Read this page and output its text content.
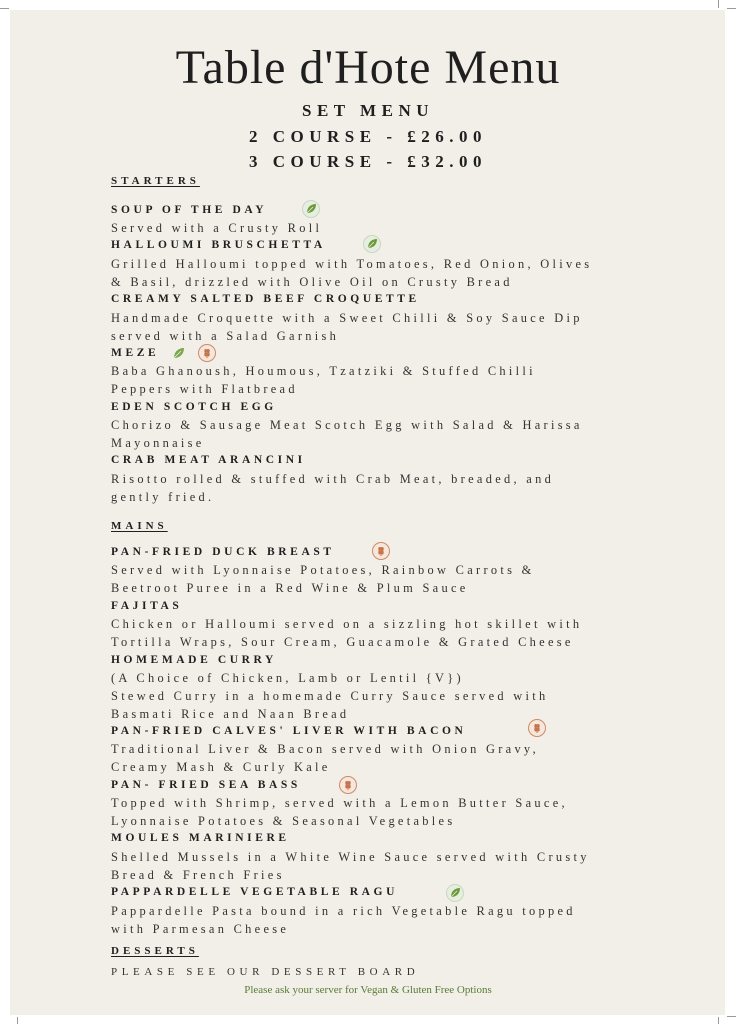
Table d'Hote Menu
SET MENU
2 COURSE - £26.00
3 COURSE - £32.00
STARTERS
SOUP OF THE DAY
Served with a Crusty Roll
HALLOUMI BRUSCHETTA
Grilled Halloumi topped with Tomatoes, Red Onion, Olives
& Basil, drizzled with Olive Oil on Crusty Bread
CREAMY SALTED BEEF CROQUETTE
Handmade Croquette with a Sweet Chilli & Soy Sauce Dip
served with a Salad Garnish
MEZE
Baba Ghanoush, Houmous, Tzatziki & Stuffed Chilli
Peppers with Flatbread
EDEN SCOTCH EGG
Chorizo & Sausage Meat Scotch Egg with Salad & Harissa
Mayonnaise
CRAB MEAT ARANCINI
Risotto rolled & stuffed with Crab Meat, breaded, and
gently fried.
MAINS
PAN-FRIED DUCK BREAST
Served with Lyonnaise Potatoes, Rainbow Carrots &
Beetroot Puree in a Red Wine & Plum Sauce
FAJITAS
Chicken or Halloumi served on a sizzling hot skillet with
Tortilla Wraps, Sour Cream, Guacamole & Grated Cheese
HOMEMADE CURRY
(A Choice of Chicken, Lamb or Lentil {V})
Stewed Curry in a homemade Curry Sauce served with
Basmati Rice and Naan Bread
PAN-FRIED CALVES' LIVER WITH BACON
Traditional Liver & Bacon served with Onion Gravy,
Creamy Mash & Curly Kale
PAN- FRIED SEA BASS
Topped with Shrimp, served with a Lemon Butter Sauce,
Lyonnaise Potatoes & Seasonal Vegetables
MOULES MARINIERE
Shelled Mussels in a White Wine Sauce served with Crusty
Bread & French Fries
PAPPARDELLE VEGETABLE RAGU
Pappardelle Pasta bound in a rich Vegetable Ragu topped
with Parmesan Cheese
DESSERTS
PLEASE SEE OUR DESSERT BOARD
Please ask your server for Vegan & Gluten Free Options
